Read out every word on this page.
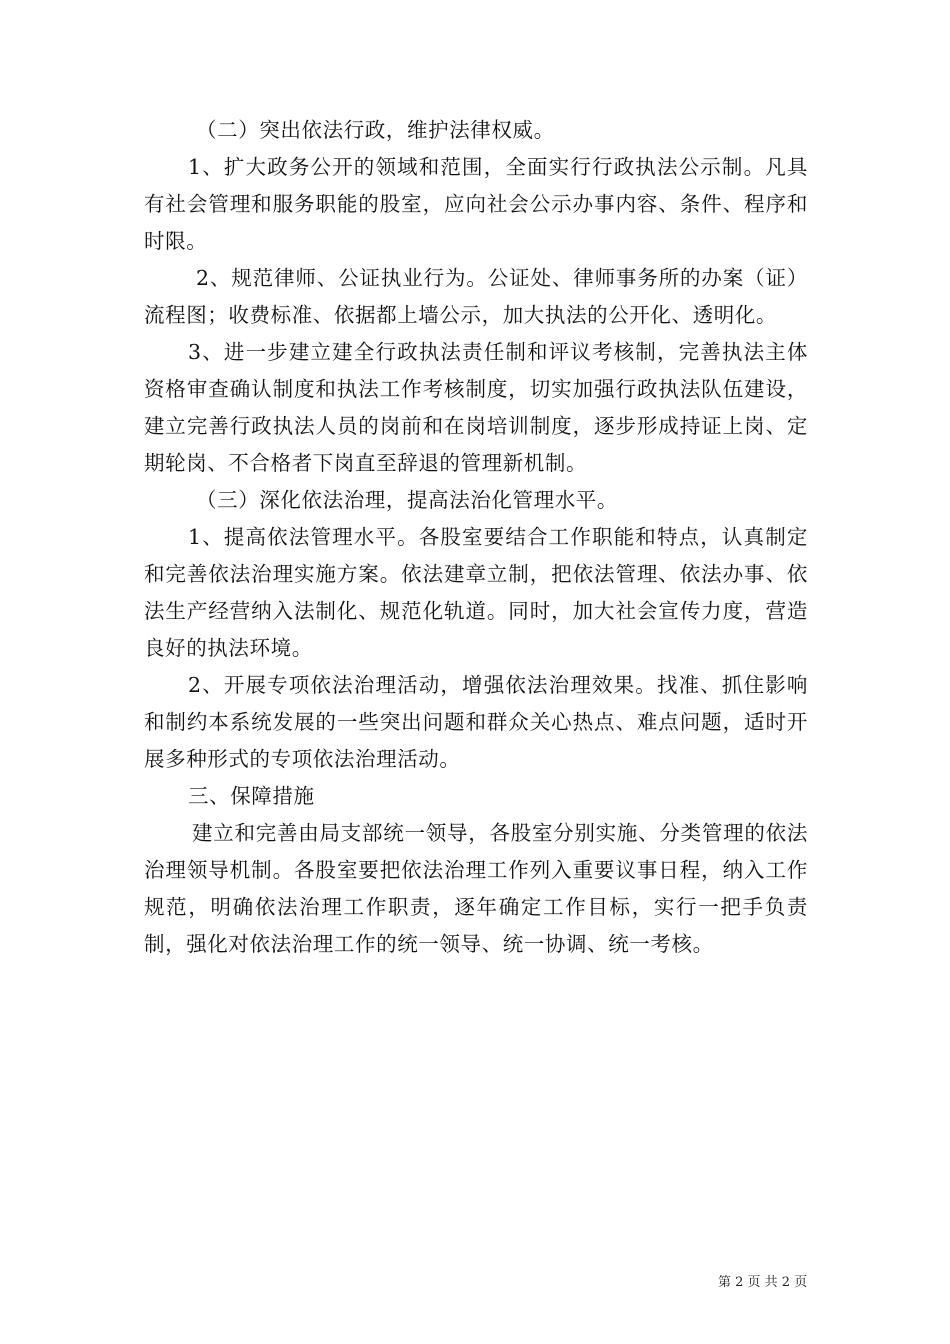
（二）突出依法行政，维护法律权威。

1、扩大政务公开的领域和范围，全面实行行政执法公示制。凡具有社会管理和服务职能的股室，应向社会公示办事内容、条件、程序和时限。

2、规范律师、公证执业行为。公证处、律师事务所的办案（证）流程图；收费标准、依据都上墙公示，加大执法的公开化、透明化。

3、进一步建立建全行政执法责任制和评议考核制，完善执法主体资格审查确认制度和执法工作考核制度，切实加强行政执法队伍建设，建立完善行政执法人员的岗前和在岗培训制度，逐步形成持证上岗、定期轮岗、不合格者下岗直至辞退的管理新机制。

（三）深化依法治理，提高法治化管理水平。

1、提高依法管理水平。各股室要结合工作职能和特点，认真制定和完善依法治理实施方案。依法建章立制，把依法管理、依法办事、依法生产经营纳入法制化、规范化轨道。同时，加大社会宣传力度，营造良好的执法环境。

2、开展专项依法治理活动，增强依法治理效果。找准、抓住影响和制约本系统发展的一些突出问题和群众关心热点、难点问题，适时开展多种形式的专项依法治理活动。

三、保障措施

建立和完善由局支部统一领导，各股室分别实施、分类管理的依法治理领导机制。各股室要把依法治理工作列入重要议事日程，纳入工作规范，明确依法治理工作职责，逐年确定工作目标，实行一把手负责制，强化对依法治理工作的统一领导、统一协调、统一考核。

第 2 页 共 2 页
